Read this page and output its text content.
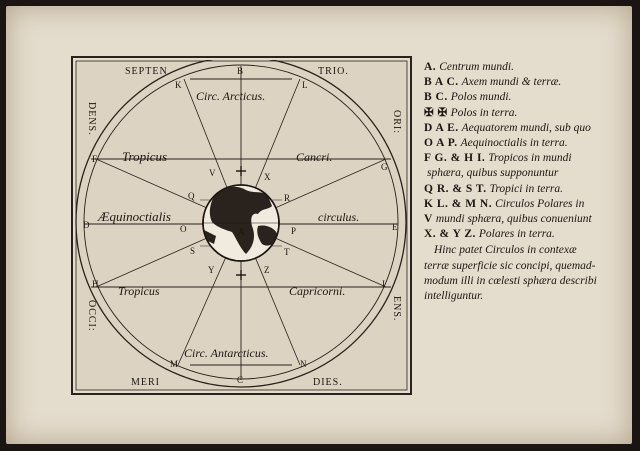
SEPTEN	TRIO.
MERI	DIES.
DENS.
OCCI:
ORI:
ENS.
Circ. Arcticus.
Tropicus	Cancri.
Æquinoctialis	circulus.
Tropicus	Capricorni.
Circ. Antarcticus.
B
C
K	L
M	N
F
G
H	I
D	E
O	P
Q	R
S	T
V	X
Y	Z
A
A. Centrum mundi.
B A C. Axem mundi & terræ.
B C. Polos mundi.
✠ ✠ Polos in terra.
D A E. Aequatorem mundi, sub quo
O A P. Aequinoctialis in terra.
F G. & H I. Tropicos in mundi
sphæra, quibus supponuntur
Q R. & S T. Tropici in terra.
K L. & M N. Circulos Polares in
V mundi sphæra, quibus conueniunt
X. & Y Z. Polares in terra.
Hinc patet Circulos in contexæ
terræ superficie sic concipi, quemad-
modum illi in cœlesti sphæra describi
intelliguntur.
